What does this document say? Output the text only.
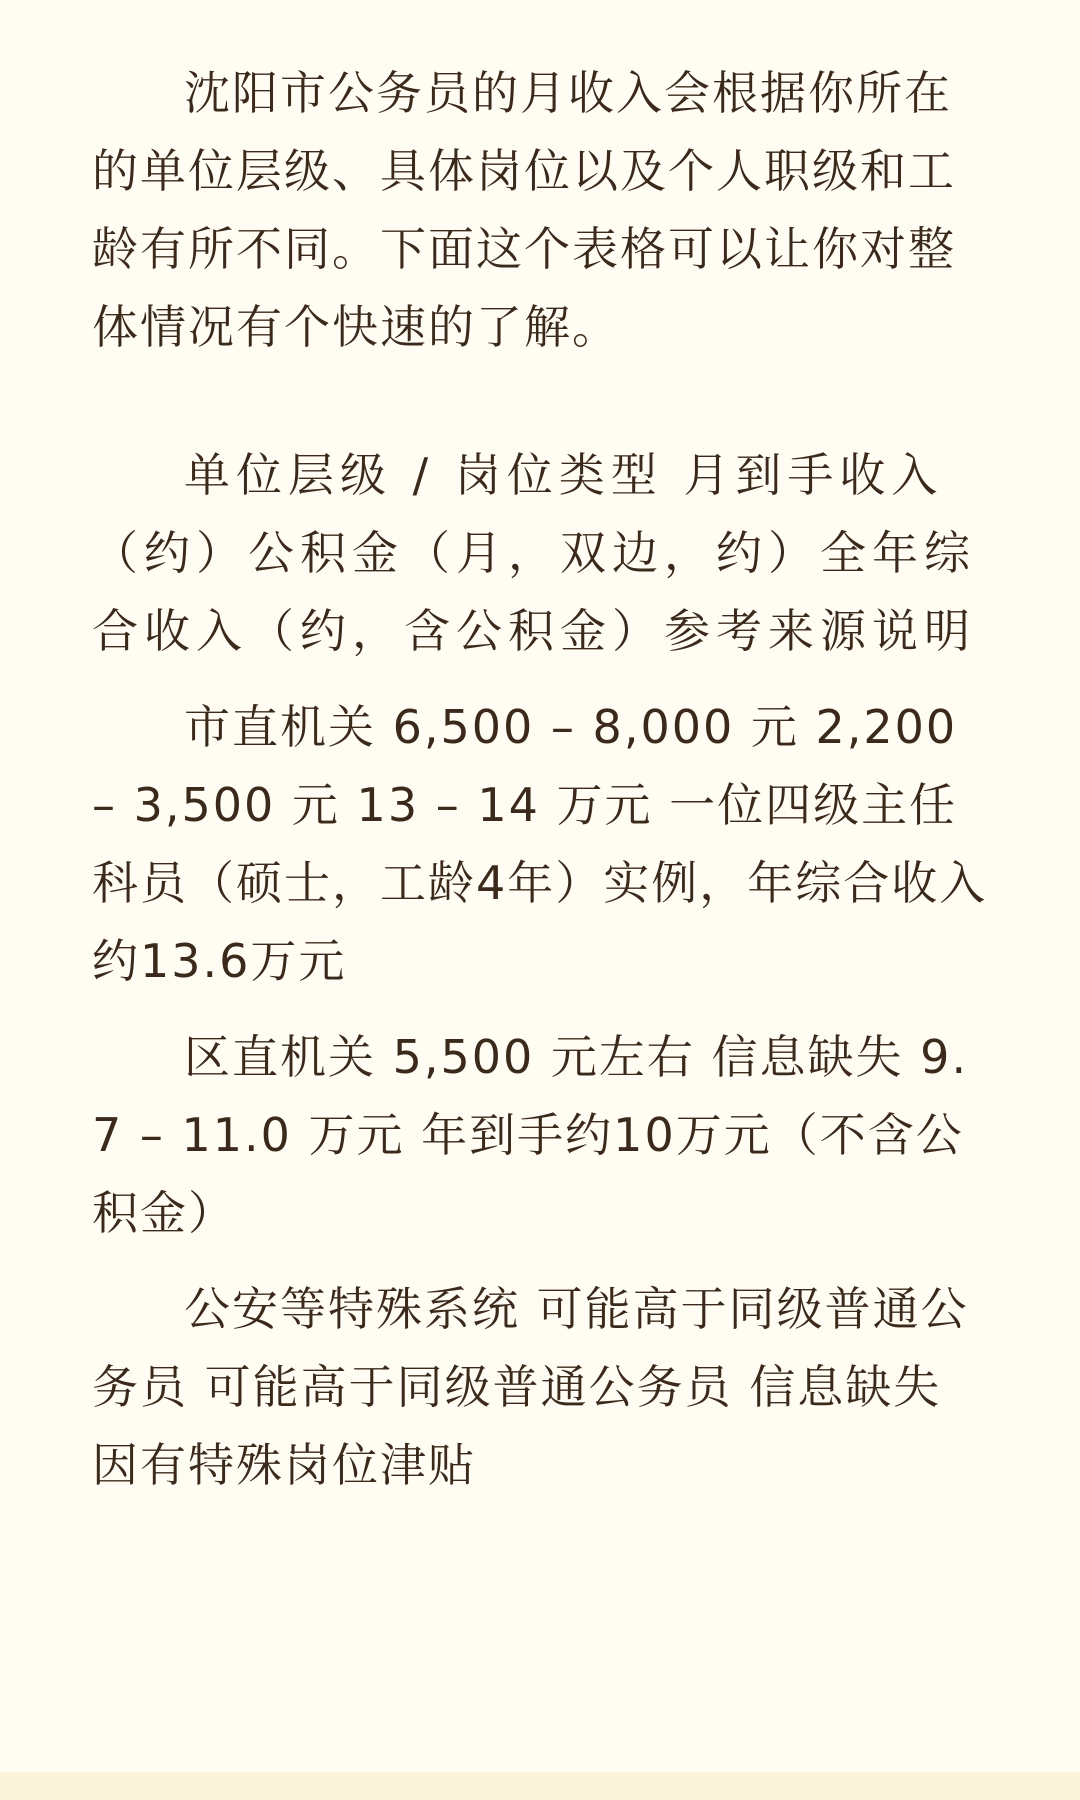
沈阳市公务员的月收入会根据你所在的单位层级、具体岗位以及个人职级和工龄有所不同。下面这个表格可以让你对整体情况有个快速的了解。

单位层级 / 岗位类型 月到手收入（约）公积金（月，双边，约）全年综合收入（约，含公积金）参考来源说明

市直机关 6,500 – 8,000 元 2,200 – 3,500 元 13 – 14 万元 一位四级主任科员（硕士，工龄4年）实例，年综合收入约13.6万元

区直机关 5,500 元左右 信息缺失 9.7 – 11.0 万元 年到手约10万元（不含公积金）

公安等特殊系统 可能高于同级普通公务员 可能高于同级普通公务员 信息缺失 因有特殊岗位津贴
